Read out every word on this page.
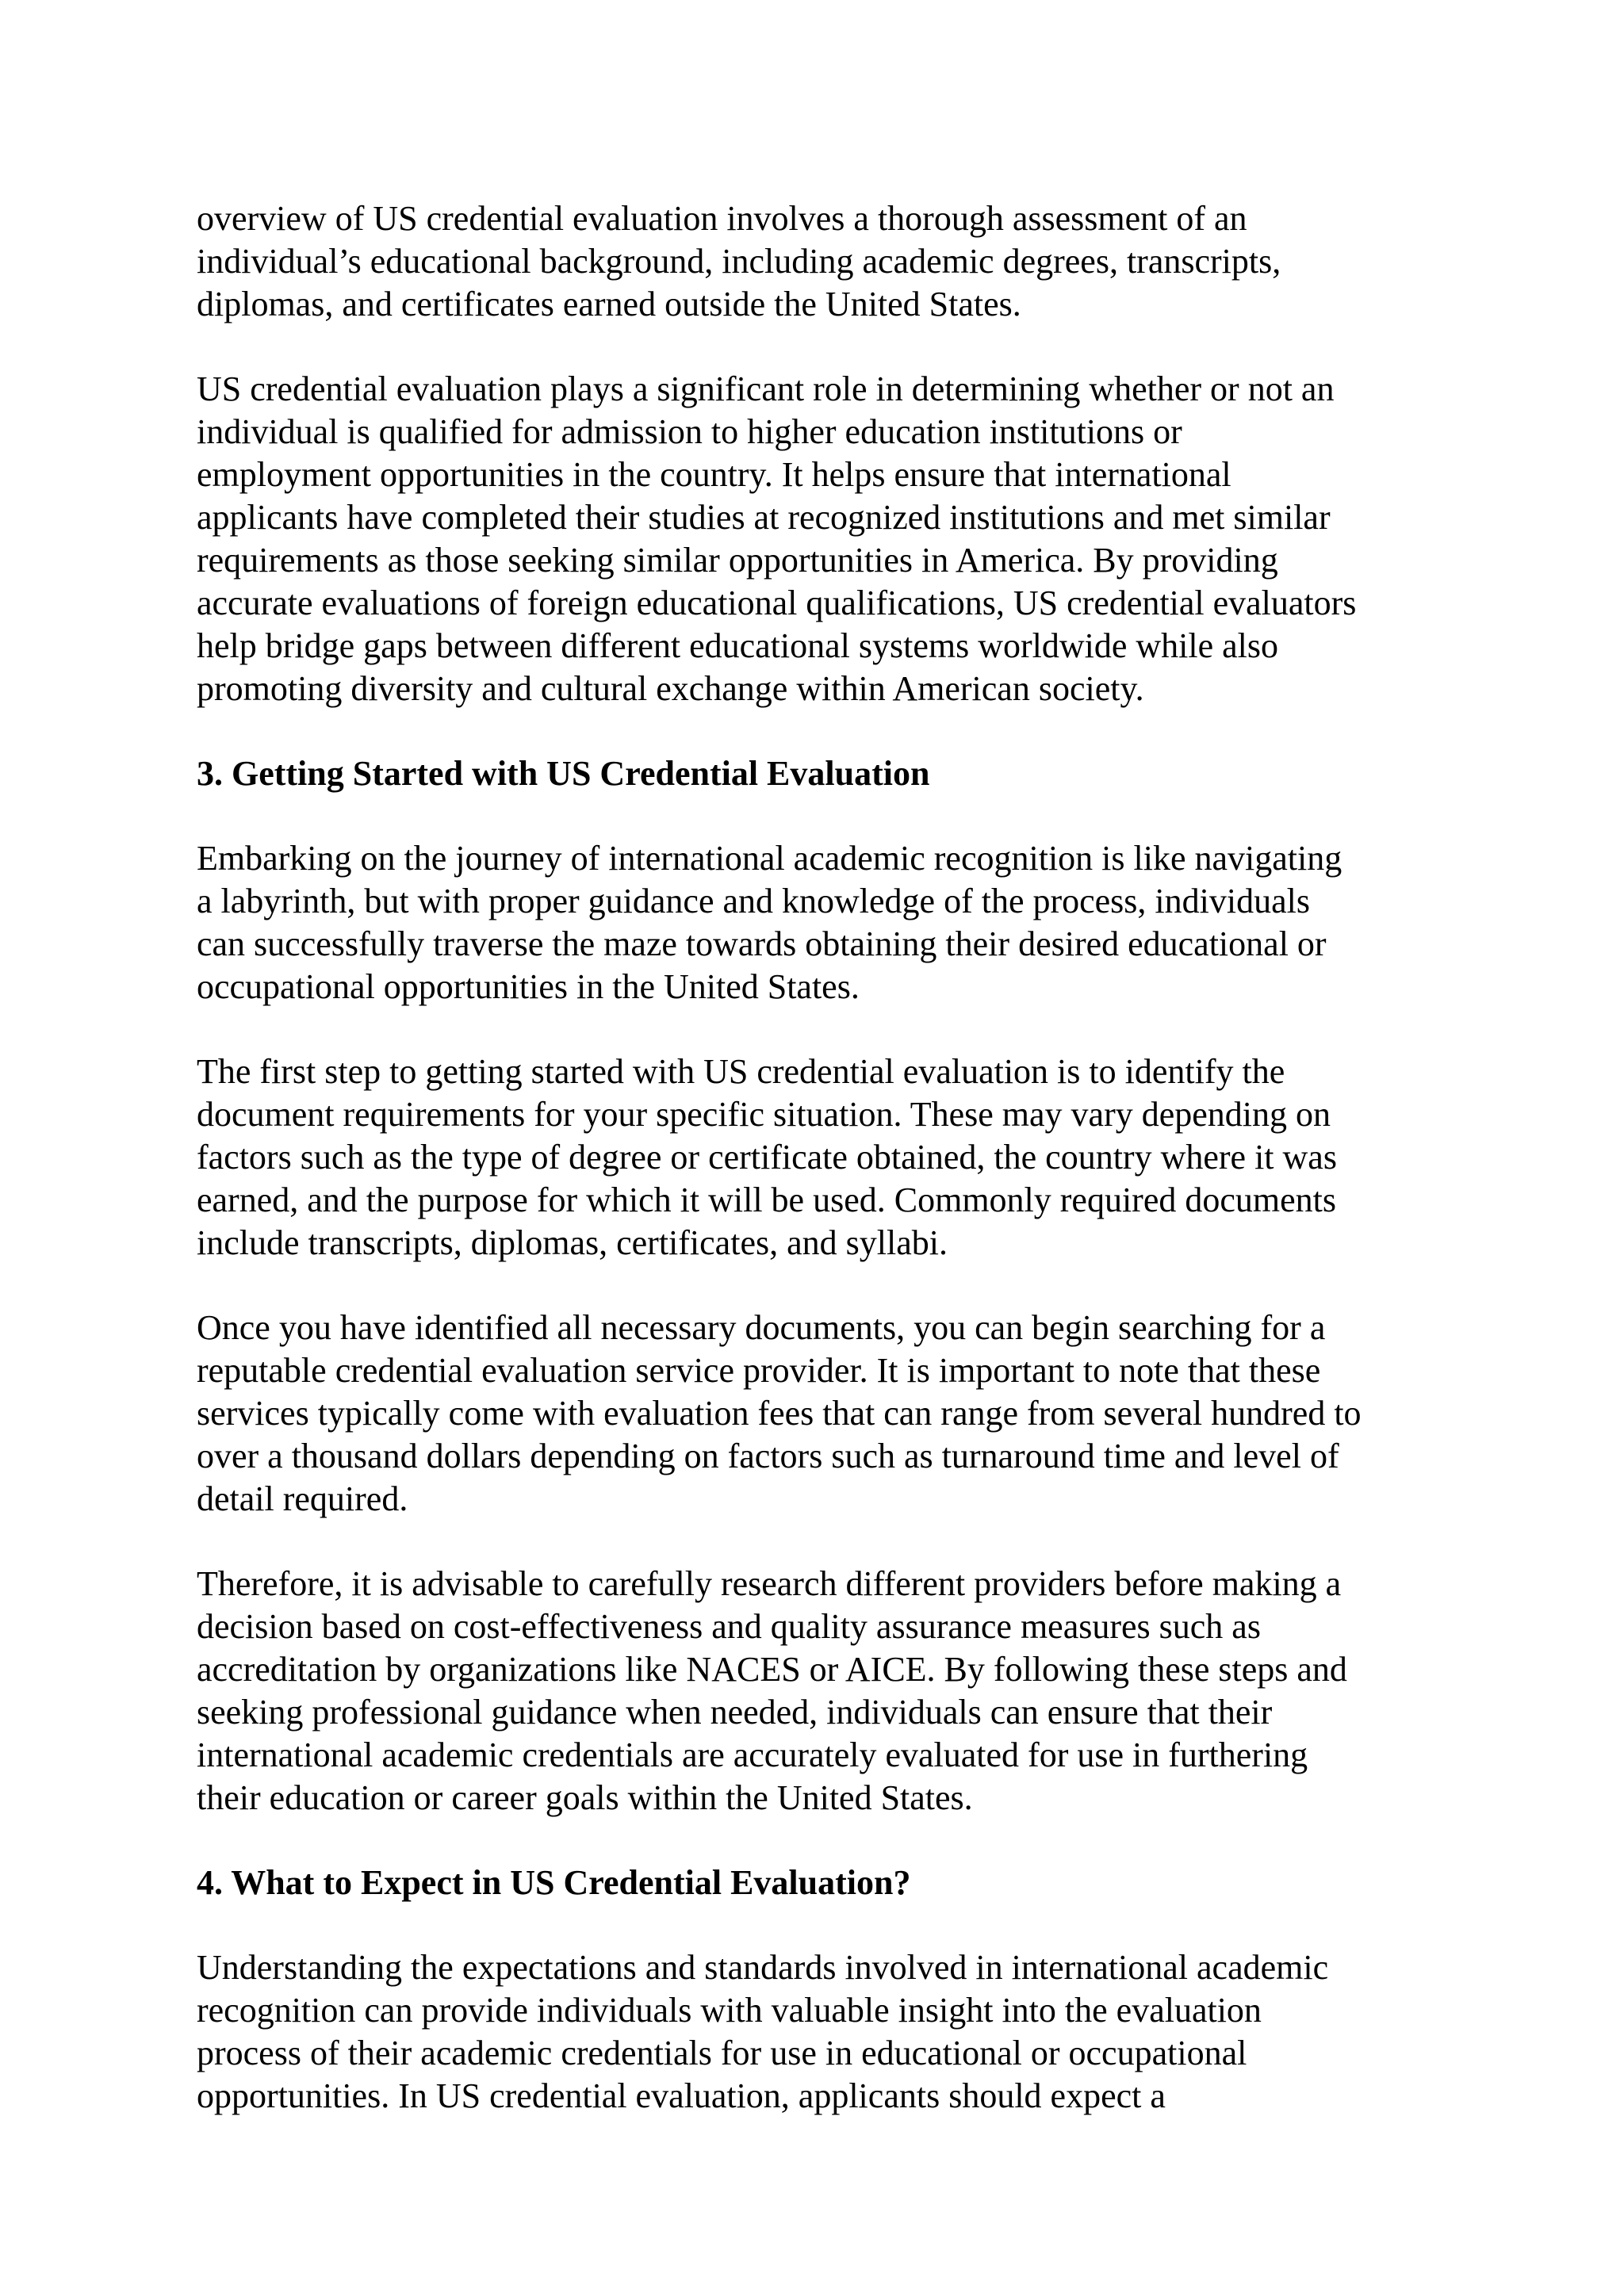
overview of US credential evaluation involves a thorough assessment of an
individual’s educational background, including academic degrees, transcripts,
diplomas, and certificates earned outside the United States.
US credential evaluation plays a significant role in determining whether or not an
individual is qualified for admission to higher education institutions or
employment opportunities in the country. It helps ensure that international
applicants have completed their studies at recognized institutions and met similar
requirements as those seeking similar opportunities in America. By providing
accurate evaluations of foreign educational qualifications, US credential evaluators
help bridge gaps between different educational systems worldwide while also
promoting diversity and cultural exchange within American society.
3. Getting Started with US Credential Evaluation
Embarking on the journey of international academic recognition is like navigating
a labyrinth, but with proper guidance and knowledge of the process, individuals
can successfully traverse the maze towards obtaining their desired educational or
occupational opportunities in the United States.
The first step to getting started with US credential evaluation is to identify the
document requirements for your specific situation. These may vary depending on
factors such as the type of degree or certificate obtained, the country where it was
earned, and the purpose for which it will be used. Commonly required documents
include transcripts, diplomas, certificates, and syllabi.
Once you have identified all necessary documents, you can begin searching for a
reputable credential evaluation service provider. It is important to note that these
services typically come with evaluation fees that can range from several hundred to
over a thousand dollars depending on factors such as turnaround time and level of
detail required.
Therefore, it is advisable to carefully research different providers before making a
decision based on cost-effectiveness and quality assurance measures such as
accreditation by organizations like NACES or AICE. By following these steps and
seeking professional guidance when needed, individuals can ensure that their
international academic credentials are accurately evaluated for use in furthering
their education or career goals within the United States.
4. What to Expect in US Credential Evaluation?
Understanding the expectations and standards involved in international academic
recognition can provide individuals with valuable insight into the evaluation
process of their academic credentials for use in educational or occupational
opportunities. In US credential evaluation, applicants should expect a
